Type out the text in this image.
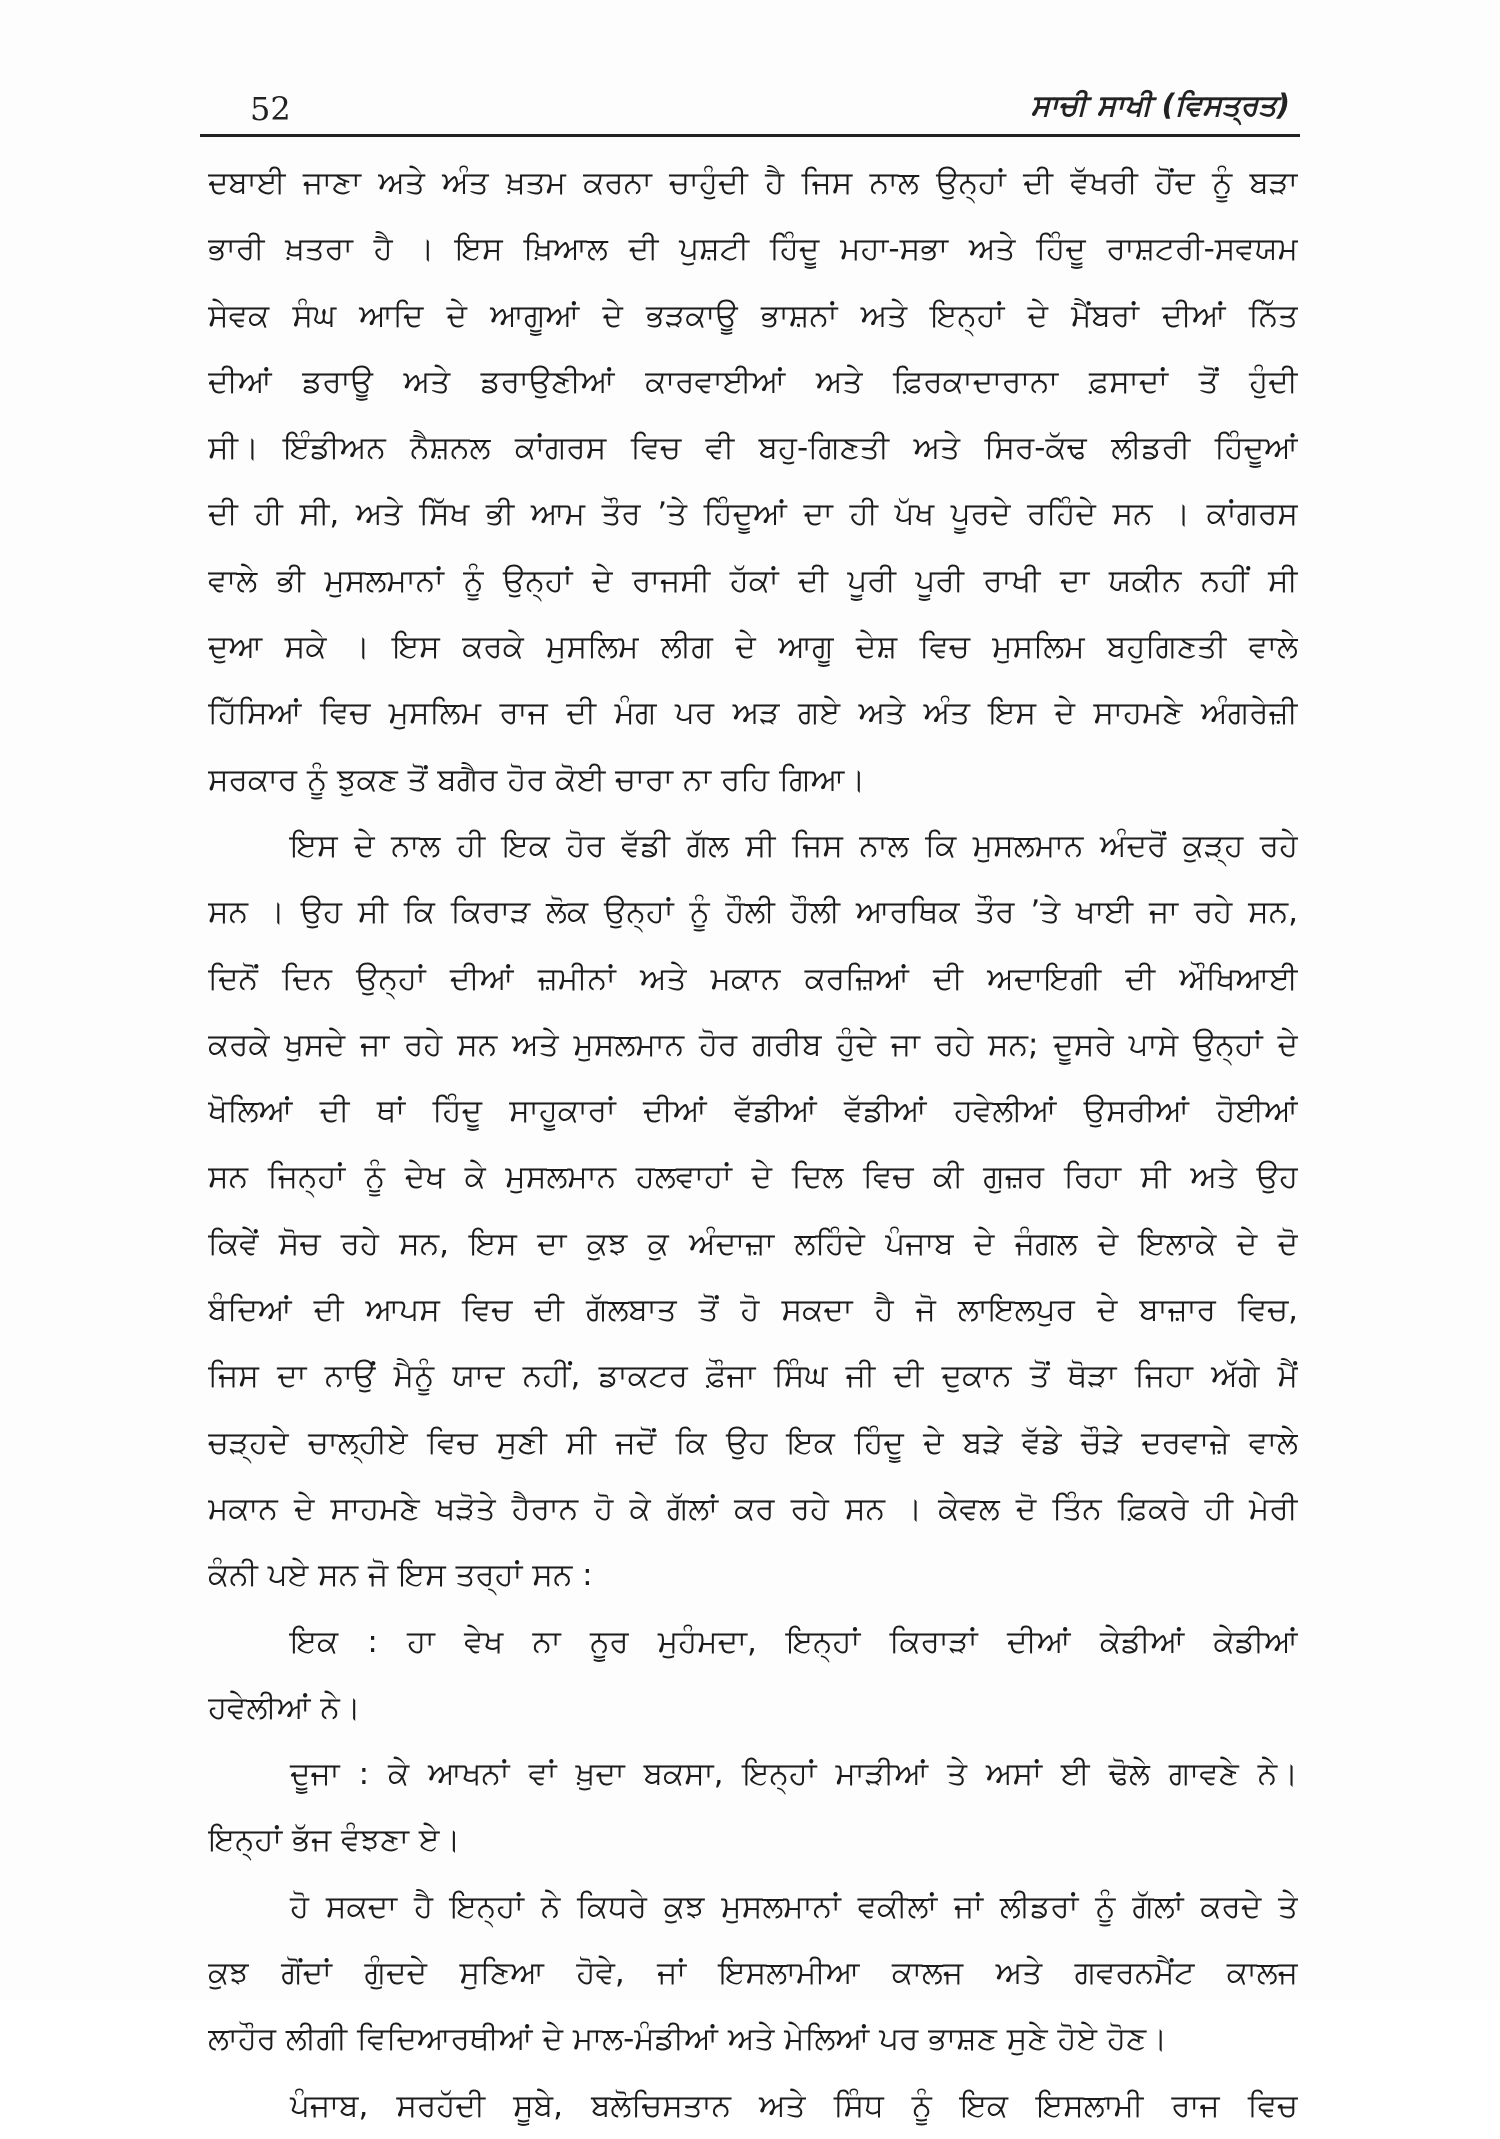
52	ਸਾਚੀ ਸਾਖੀ (ਵਿਸਤ੍ਰਤ)
ਦਬਾਈ ਜਾਣਾ ਅਤੇ ਅੰਤ ਖ਼ਤਮ ਕਰਨਾ ਚਾਹੁੰਦੀ ਹੈ ਜਿਸ ਨਾਲ ਉਨ੍ਹਾਂ ਦੀ ਵੱਖਰੀ ਹੋਂਦ ਨੂੰ ਬੜਾ
ਭਾਰੀ ਖ਼ਤਰਾ ਹੈ । ਇਸ ਖ਼ਿਆਲ ਦੀ ਪੁਸ਼ਟੀ ਹਿੰਦੂ ਮਹਾ-ਸਭਾ ਅਤੇ ਹਿੰਦੂ ਰਾਸ਼ਟਰੀ-ਸਵਯਮ
ਸੇਵਕ ਸੰਘ ਆਦਿ ਦੇ ਆਗੂਆਂ ਦੇ ਭੜਕਾਊ ਭਾਸ਼ਨਾਂ ਅਤੇ ਇਨ੍ਹਾਂ ਦੇ ਮੈਂਬਰਾਂ ਦੀਆਂ ਨਿੱਤ
ਦੀਆਂ ਡਰਾਊ ਅਤੇ ਡਰਾਉਣੀਆਂ ਕਾਰਵਾਈਆਂ ਅਤੇ ਫ਼ਿਰਕਾਦਾਰਾਨਾ ਫ਼ਸਾਦਾਂ ਤੋਂ ਹੁੰਦੀ
ਸੀ। ਇੰਡੀਅਨ ਨੈਸ਼ਨਲ ਕਾਂਗਰਸ ਵਿਚ ਵੀ ਬਹੁ-ਗਿਣਤੀ ਅਤੇ ਸਿਰ-ਕੱਢ ਲੀਡਰੀ ਹਿੰਦੂਆਂ
ਦੀ ਹੀ ਸੀ, ਅਤੇ ਸਿੱਖ ਭੀ ਆਮ ਤੌਰ ’ਤੇ ਹਿੰਦੂਆਂ ਦਾ ਹੀ ਪੱਖ ਪੂਰਦੇ ਰਹਿੰਦੇ ਸਨ । ਕਾਂਗਰਸ
ਵਾਲੇ ਭੀ ਮੁਸਲਮਾਨਾਂ ਨੂੰ ਉਨ੍ਹਾਂ ਦੇ ਰਾਜਸੀ ਹੱਕਾਂ ਦੀ ਪੂਰੀ ਪੂਰੀ ਰਾਖੀ ਦਾ ਯਕੀਨ ਨਹੀਂ ਸੀ
ਦੁਆ ਸਕੇ । ਇਸ ਕਰਕੇ ਮੁਸਲਿਮ ਲੀਗ ਦੇ ਆਗੂ ਦੇਸ਼ ਵਿਚ ਮੁਸਲਿਮ ਬਹੁਗਿਣਤੀ ਵਾਲੇ
ਹਿੱਸਿਆਂ ਵਿਚ ਮੁਸਲਿਮ ਰਾਜ ਦੀ ਮੰਗ ਪਰ ਅੜ ਗਏ ਅਤੇ ਅੰਤ ਇਸ ਦੇ ਸਾਹਮਣੇ ਅੰਗਰੇਜ਼ੀ
ਸਰਕਾਰ ਨੂੰ ਝੁਕਣ ਤੋਂ ਬਗੈਰ ਹੋਰ ਕੋਈ ਚਾਰਾ ਨਾ ਰਹਿ ਗਿਆ।
ਇਸ ਦੇ ਨਾਲ ਹੀ ਇਕ ਹੋਰ ਵੱਡੀ ਗੱਲ ਸੀ ਜਿਸ ਨਾਲ ਕਿ ਮੁਸਲਮਾਨ ਅੰਦਰੋਂ ਕੁੜ੍ਹ ਰਹੇ
ਸਨ । ਉਹ ਸੀ ਕਿ ਕਿਰਾੜ ਲੋਕ ਉਨ੍ਹਾਂ ਨੂੰ ਹੌਲੀ ਹੌਲੀ ਆਰਥਿਕ ਤੌਰ ’ਤੇ ਖਾਈ ਜਾ ਰਹੇ ਸਨ,
ਦਿਨੋਂ ਦਿਨ ਉਨ੍ਹਾਂ ਦੀਆਂ ਜ਼ਮੀਨਾਂ ਅਤੇ ਮਕਾਨ ਕਰਜ਼ਿਆਂ ਦੀ ਅਦਾਇਗੀ ਦੀ ਔਖਿਆਈ
ਕਰਕੇ ਖੁਸਦੇ ਜਾ ਰਹੇ ਸਨ ਅਤੇ ਮੁਸਲਮਾਨ ਹੋਰ ਗਰੀਬ ਹੁੰਦੇ ਜਾ ਰਹੇ ਸਨ; ਦੂਸਰੇ ਪਾਸੇ ਉਨ੍ਹਾਂ ਦੇ
ਖੋਲਿਆਂ ਦੀ ਥਾਂ ਹਿੰਦੂ ਸਾਹੂਕਾਰਾਂ ਦੀਆਂ ਵੱਡੀਆਂ ਵੱਡੀਆਂ ਹਵੇਲੀਆਂ ਉਸਰੀਆਂ ਹੋਈਆਂ
ਸਨ ਜਿਨ੍ਹਾਂ ਨੂੰ ਦੇਖ ਕੇ ਮੁਸਲਮਾਨ ਹਲਵਾਹਾਂ ਦੇ ਦਿਲ ਵਿਚ ਕੀ ਗੁਜ਼ਰ ਰਿਹਾ ਸੀ ਅਤੇ ਉਹ
ਕਿਵੇਂ ਸੋਚ ਰਹੇ ਸਨ, ਇਸ ਦਾ ਕੁਝ ਕੁ ਅੰਦਾਜ਼ਾ ਲਹਿੰਦੇ ਪੰਜਾਬ ਦੇ ਜੰਗਲ ਦੇ ਇਲਾਕੇ ਦੇ ਦੋ
ਬੰਦਿਆਂ ਦੀ ਆਪਸ ਵਿਚ ਦੀ ਗੱਲਬਾਤ ਤੋਂ ਹੋ ਸਕਦਾ ਹੈ ਜੋ ਲਾਇਲਪੁਰ ਦੇ ਬਾਜ਼ਾਰ ਵਿਚ,
ਜਿਸ ਦਾ ਨਾਉਂ ਮੈਨੂੰ ਯਾਦ ਨਹੀਂ, ਡਾਕਟਰ ਫ਼ੌਜਾ ਸਿੰਘ ਜੀ ਦੀ ਦੁਕਾਨ ਤੋਂ ਥੋੜਾ ਜਿਹਾ ਅੱਗੇ ਮੈਂ
ਚੜ੍ਹਦੇ ਚਾਲ੍ਹੀਏ ਵਿਚ ਸੁਣੀ ਸੀ ਜਦੋਂ ਕਿ ਉਹ ਇਕ ਹਿੰਦੂ ਦੇ ਬੜੇ ਵੱਡੇ ਚੌੜੇ ਦਰਵਾਜ਼ੇ ਵਾਲੇ
ਮਕਾਨ ਦੇ ਸਾਹਮਣੇ ਖੜੋਤੇ ਹੈਰਾਨ ਹੋ ਕੇ ਗੱਲਾਂ ਕਰ ਰਹੇ ਸਨ । ਕੇਵਲ ਦੋ ਤਿੰਨ ਫ਼ਿਕਰੇ ਹੀ ਮੇਰੀ
ਕੰਨੀ ਪਏ ਸਨ ਜੋ ਇਸ ਤਰ੍ਹਾਂ ਸਨ :
ਇਕ : ਹਾ ਵੇਖ ਨਾ ਨੂਰ ਮੁਹੰਮਦਾ, ਇਨ੍ਹਾਂ ਕਿਰਾੜਾਂ ਦੀਆਂ ਕੇਡੀਆਂ ਕੇਡੀਆਂ
ਹਵੇਲੀਆਂ ਨੇ।
ਦੂਜਾ : ਕੇ ਆਖਨਾਂ ਵਾਂ ਖ਼ੁਦਾ ਬਕਸਾ, ਇਨ੍ਹਾਂ ਮਾੜੀਆਂ ਤੇ ਅਸਾਂ ਈ ਢੋਲੇ ਗਾਵਣੇ ਨੇ।
ਇਨ੍ਹਾਂ ਭੱਜ ਵੰਝਣਾ ਏ।
ਹੋ ਸਕਦਾ ਹੈ ਇਨ੍ਹਾਂ ਨੇ ਕਿਧਰੇ ਕੁਝ ਮੁਸਲਮਾਨਾਂ ਵਕੀਲਾਂ ਜਾਂ ਲੀਡਰਾਂ ਨੂੰ ਗੱਲਾਂ ਕਰਦੇ ਤੇ
ਕੁਝ ਗੋਂਦਾਂ ਗੁੰਦਦੇ ਸੁਣਿਆ ਹੋਵੇ, ਜਾਂ ਇਸਲਾਮੀਆ ਕਾਲਜ ਅਤੇ ਗਵਰਨਮੈਂਟ ਕਾਲਜ
ਲਾਹੌਰ ਲੀਗੀ ਵਿਦਿਆਰਥੀਆਂ ਦੇ ਮਾਲ-ਮੰਡੀਆਂ ਅਤੇ ਮੇਲਿਆਂ ਪਰ ਭਾਸ਼ਣ ਸੁਣੇ ਹੋਏ ਹੋਣ।
ਪੰਜਾਬ, ਸਰਹੱਦੀ ਸੂਬੇ, ਬਲੋਚਿਸਤਾਨ ਅਤੇ ਸਿੰਧ ਨੂੰ ਇਕ ਇਸਲਾਮੀ ਰਾਜ ਵਿਚ
